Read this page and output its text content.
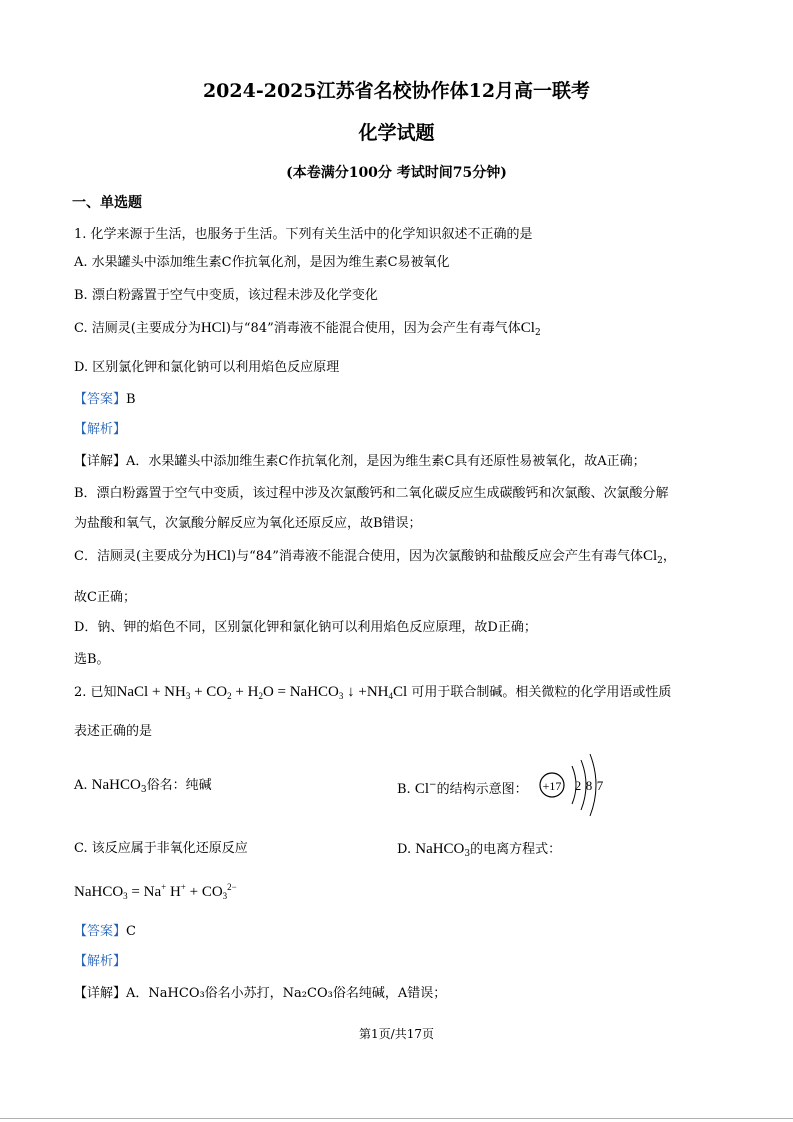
2024-2025江苏省名校协作体12月高一联考
化学试题
(本卷满分100分 考试时间75分钟)
一、单选题
1. 化学来源于生活，也服务于生活。下列有关生活中的化学知识叙述不正确的是
A. 水果罐头中添加维生素C作抗氧化剂，是因为维生素C易被氧化
B. 漂白粉露置于空气中变质，该过程未涉及化学变化
C. 洁厕灵(主要成分为HCl)与“84”消毒液不能混合使用，因为会产生有毒气体$Cl_2$
D. 区别氯化钾和氯化钠可以利用焰色反应原理
【答案】B
【解析】
【详解】A．水果罐头中添加维生素C作抗氧化剂，是因为维生素C具有还原性易被氧化，故A正确；
B．漂白粉露置于空气中变质，该过程中涉及次氯酸钙和二氧化碳反应生成碳酸钙和次氯酸、次氯酸分解
为盐酸和氧气，次氯酸分解反应为氧化还原反应，故B错误；
C．洁厕灵(主要成分为HCl)与“84”消毒液不能混合使用，因为次氯酸钠和盐酸反应会产生有毒气体$Cl_2$，
故C正确；
D．钠、钾的焰色不同，区别氯化钾和氯化钠可以利用焰色反应原理，故D正确；
选B。
2. 已知NaCl + $NH_3 + CO_2 + H_2O$ = NaHCO$_3$ ↓ $+NH_4Cl$ 可用于联合制碱。相关微粒的化学用语或性质
表述正确的是
A. NaHCO$_3$俗名：纯碱	B. Cl−的结构示意图： +17 2 8 7
C. 该反应属于非氧化还原反应	D. NaHCO$_3$的电离方程式：
NaHCO$_3$ = Na+ $H^+ + CO_3^{2-}$
【答案】C
【解析】
【详解】A．NaHCO₃俗名小苏打，Na₂CO₃俗名纯碱，A错误；
第1页/共17页
